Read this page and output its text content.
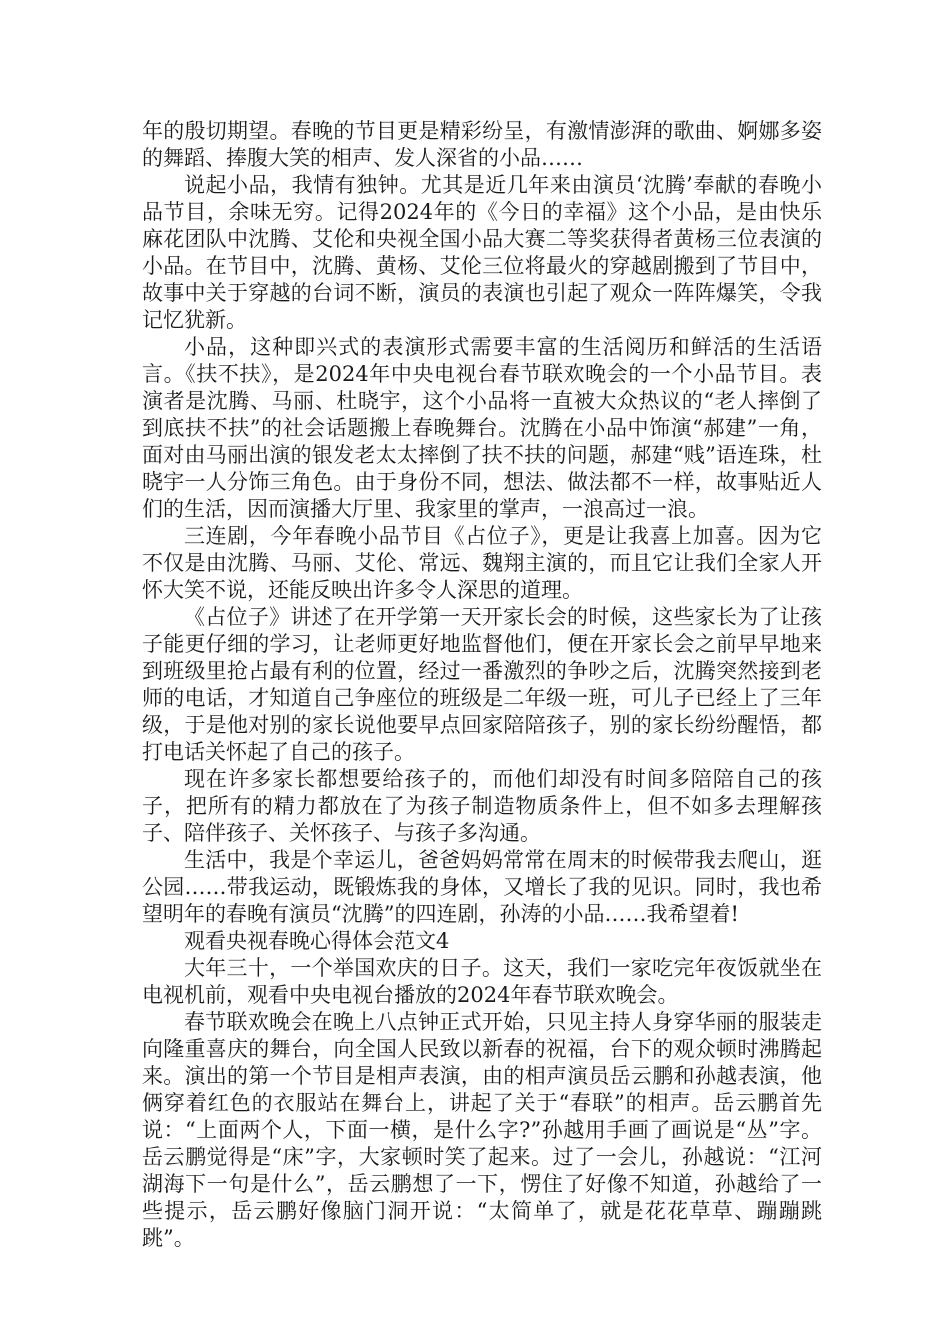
年的殷切期望。春晚的节目更是精彩纷呈，有激情澎湃的歌曲、婀娜多姿的舞蹈、捧腹大笑的相声、发人深省的小品……

说起小品，我情有独钟。尤其是近几年来由演员‘沈腾’奉献的春晚小品节目，余味无穷。记得2024年的《今日的幸福》这个小品，是由快乐麻花团队中沈腾、艾伦和央视全国小品大赛二等奖获得者黄杨三位表演的小品。在节目中，沈腾、黄杨、艾伦三位将最火的穿越剧搬到了节目中，故事中关于穿越的台词不断，演员的表演也引起了观众一阵阵爆笑，令我记忆犹新。

小品，这种即兴式的表演形式需要丰富的生活阅历和鲜活的生活语言。《扶不扶》，是2024年中央电视台春节联欢晚会的一个小品节目。表演者是沈腾、马丽、杜晓宇，这个小品将一直被大众热议的“老人摔倒了到底扶不扶”的社会话题搬上春晚舞台。沈腾在小品中饰演“郝建”一角，面对由马丽出演的银发老太太摔倒了扶不扶的问题，郝建“贱”语连珠，杜晓宇一人分饰三角色。由于身份不同，想法、做法都不一样，故事贴近人们的生活，因而演播大厅里、我家里的掌声，一浪高过一浪。

三连剧，今年春晚小品节目《占位子》，更是让我喜上加喜。因为它不仅是由沈腾、马丽、艾伦、常远、魏翔主演的，而且它让我们全家人开怀大笑不说，还能反映出许多令人深思的道理。

《占位子》讲述了在开学第一天开家长会的时候，这些家长为了让孩子能更仔细的学习，让老师更好地监督他们，便在开家长会之前早早地来到班级里抢占最有利的位置，经过一番激烈的争吵之后，沈腾突然接到老师的电话，才知道自己争座位的班级是二年级一班，可儿子已经上了三年级，于是他对别的家长说他要早点回家陪陪孩子，别的家长纷纷醒悟，都打电话关怀起了自己的孩子。

现在许多家长都想要给孩子的，而他们却没有时间多陪陪自己的孩子，把所有的精力都放在了为孩子制造物质条件上，但不如多去理解孩子、陪伴孩子、关怀孩子、与孩子多沟通。

生活中，我是个幸运儿，爸爸妈妈常常在周末的时候带我去爬山，逛公园……带我运动，既锻炼我的身体，又增长了我的见识。同时，我也希望明年的春晚有演员“沈腾”的四连剧，孙涛的小品……我希望着!

观看央视春晚心得体会范文4

大年三十，一个举国欢庆的日子。这天，我们一家吃完年夜饭就坐在电视机前，观看中央电视台播放的2024年春节联欢晚会。

春节联欢晚会在晚上八点钟正式开始，只见主持人身穿华丽的服装走向隆重喜庆的舞台，向全国人民致以新春的祝福，台下的观众顿时沸腾起来。演出的第一个节目是相声表演，由的相声演员岳云鹏和孙越表演，他俩穿着红色的衣服站在舞台上，讲起了关于“春联”的相声。岳云鹏首先说：“上面两个人，下面一横，是什么字?”孙越用手画了画说是“丛”字。岳云鹏觉得是“床”字，大家顿时笑了起来。过了一会儿，孙越说：“江河湖海下一句是什么”，岳云鹏想了一下，愣住了好像不知道，孙越给了一些提示，岳云鹏好像脑门洞开说：“太简单了，就是花花草草、蹦蹦跳跳”。
